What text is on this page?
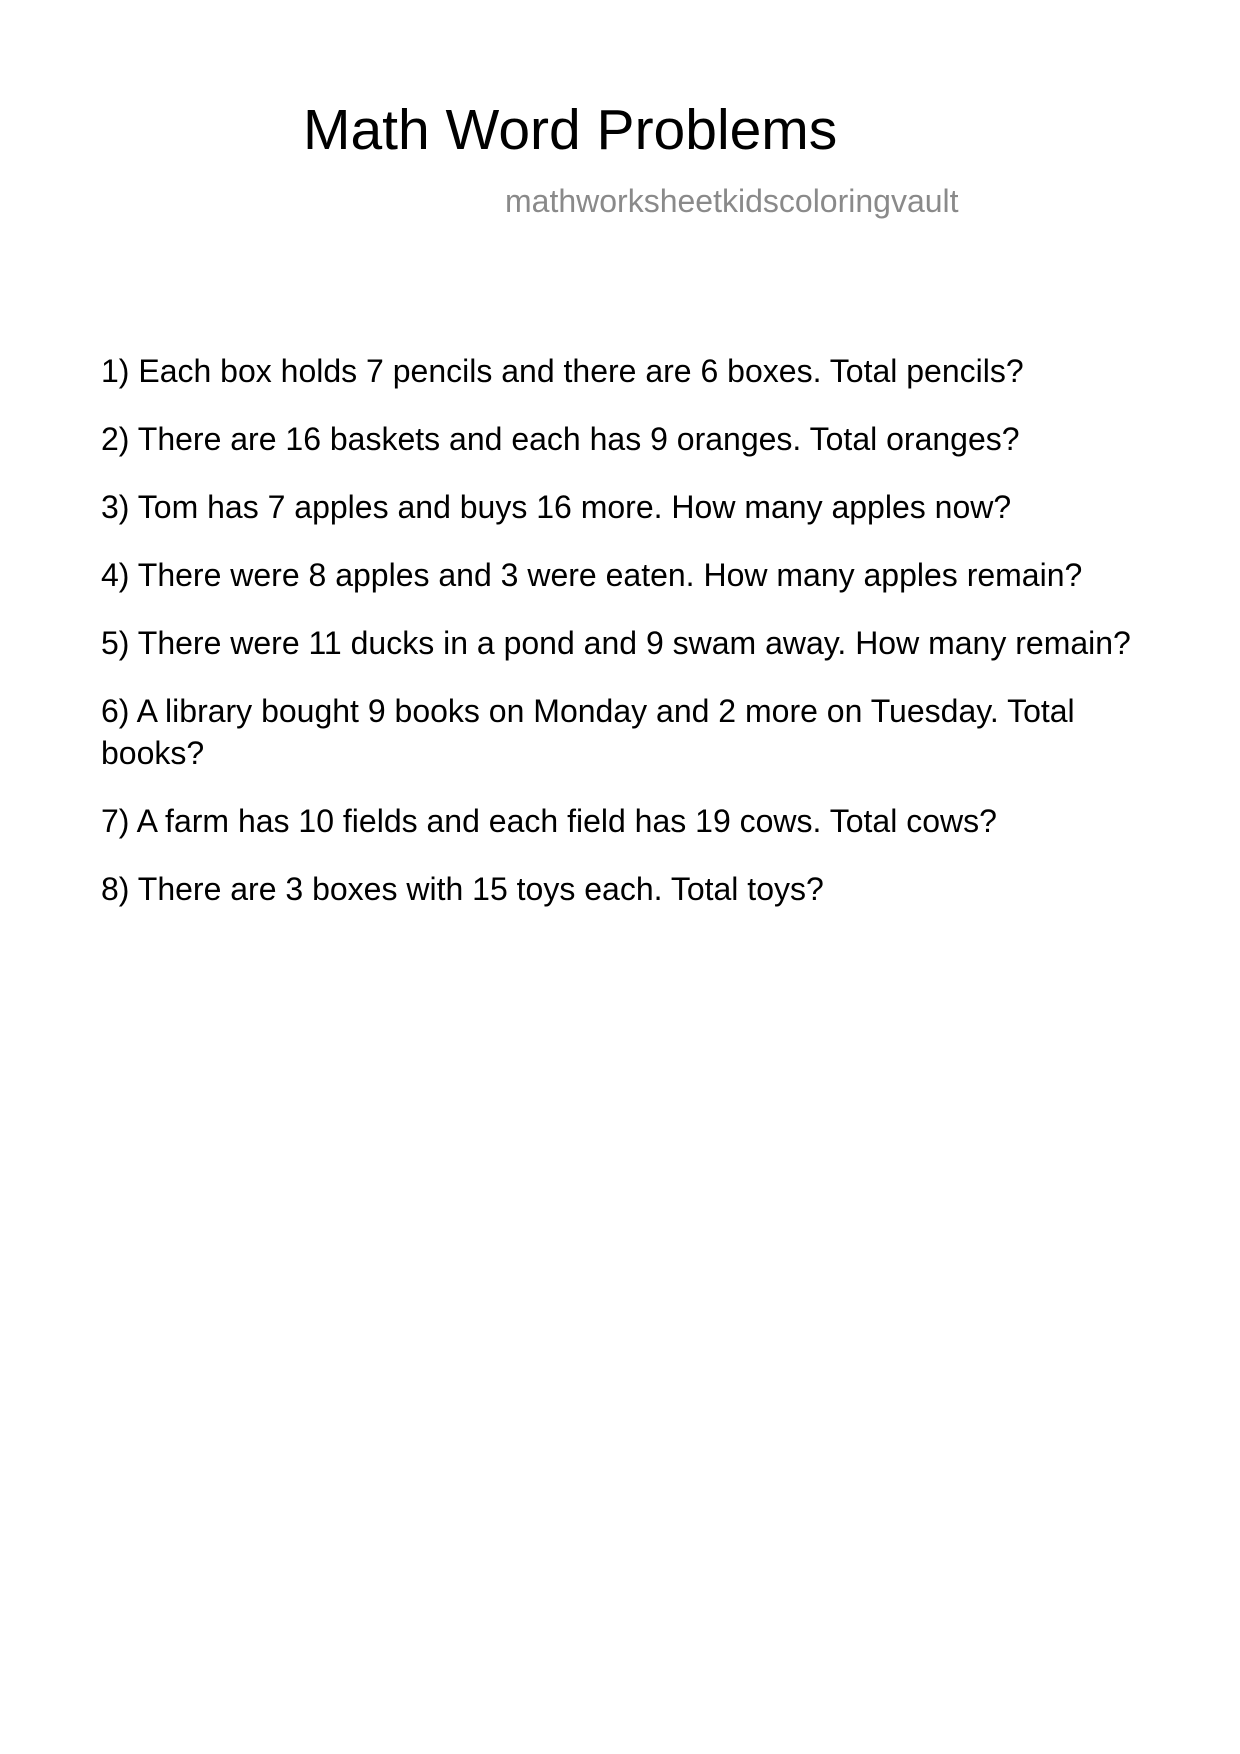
Math Word Problems
mathworksheetkidscoloringvault
1) Each box holds 7 pencils and there are 6 boxes. Total pencils?
2) There are 16 baskets and each has 9 oranges. Total oranges?
3) Tom has 7 apples and buys 16 more. How many apples now?
4) There were 8 apples and 3 were eaten. How many apples remain?
5) There were 11 ducks in a pond and 9 swam away. How many remain?
6) A library bought 9 books on Monday and 2 more on Tuesday. Total books?
7) A farm has 10 fields and each field has 19 cows. Total cows?
8) There are 3 boxes with 15 toys each. Total toys?
